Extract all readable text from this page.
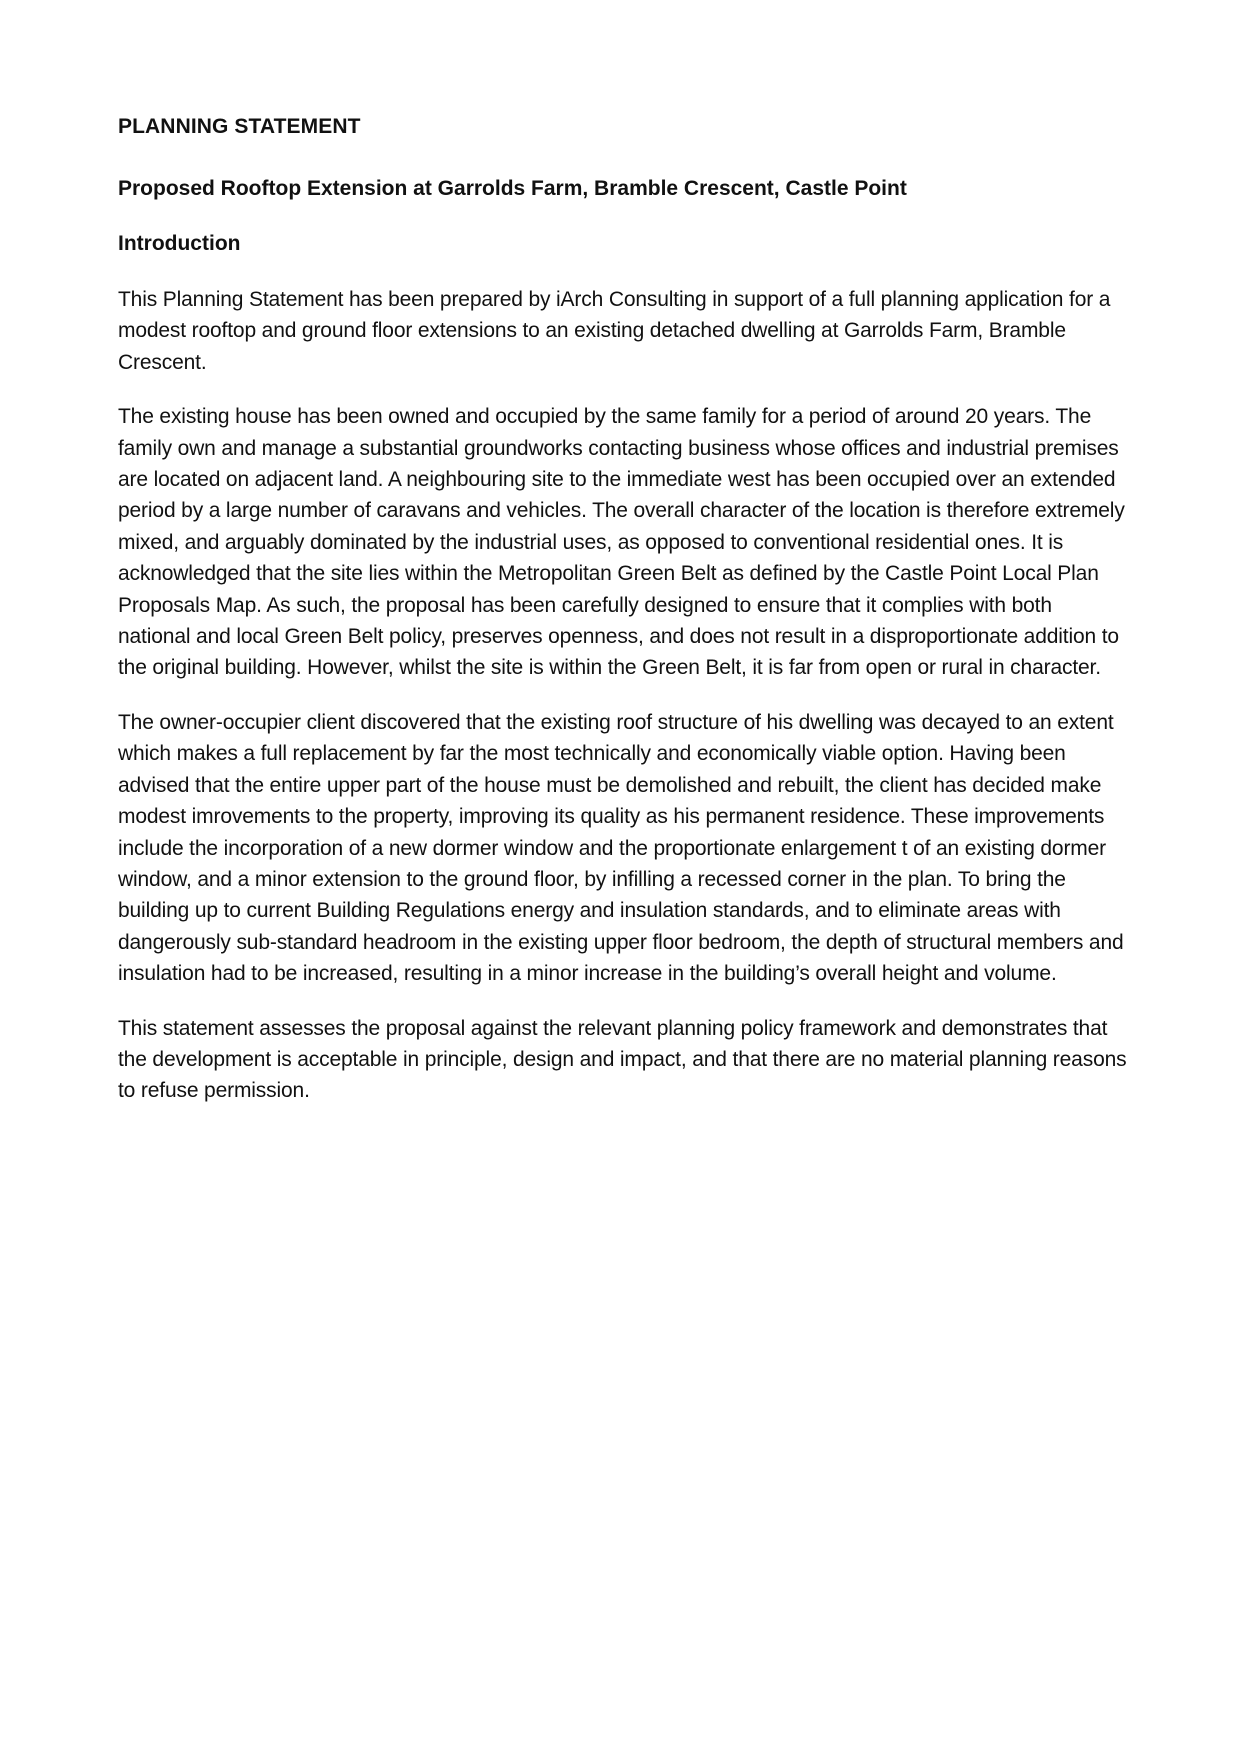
PLANNING STATEMENT
Proposed Rooftop Extension at Garrolds Farm, Bramble Crescent, Castle Point
Introduction

This Planning Statement has been prepared by iArch Consulting in support of a full planning application for a modest rooftop and ground floor extensions to an existing detached dwelling at Garrolds Farm, Bramble Crescent.

The existing house has been owned and occupied by the same family for a period of around 20 years. The family own and manage a substantial groundworks contacting business whose offices and industrial premises are located on adjacent land. A neighbouring site to the immediate west has been occupied over an extended period by a large number of caravans and vehicles. The overall character of the location is therefore extremely mixed, and arguably dominated by the industrial uses, as opposed to conventional residential ones. It is acknowledged that the site lies within the Metropolitan Green Belt as defined by the Castle Point Local Plan Proposals Map. As such, the proposal has been carefully designed to ensure that it complies with both national and local Green Belt policy, preserves openness, and does not result in a disproportionate addition to the original building. However, whilst the site is within the Green Belt, it is far from open or rural in character.

The owner-occupier client discovered that the existing roof structure of his dwelling was decayed to an extent which makes a full replacement by far the most technically and economically viable option. Having been advised that the entire upper part of the house must be demolished and rebuilt, the client has decided make modest imrovements to the property, improving its quality as his permanent residence. These improvements include the incorporation of a new dormer window and the proportionate enlargement t of an existing dormer window, and a minor extension to the ground floor, by infilling a recessed corner in the plan. To bring the building up to current Building Regulations energy and insulation standards, and to eliminate areas with dangerously sub-standard headroom in the existing upper floor bedroom, the depth of structural members and insulation had to be increased, resulting in a minor increase in the building’s overall height and volume.

This statement assesses the proposal against the relevant planning policy framework and demonstrates that the development is acceptable in principle, design and impact, and that there are no material planning reasons to refuse permission.
